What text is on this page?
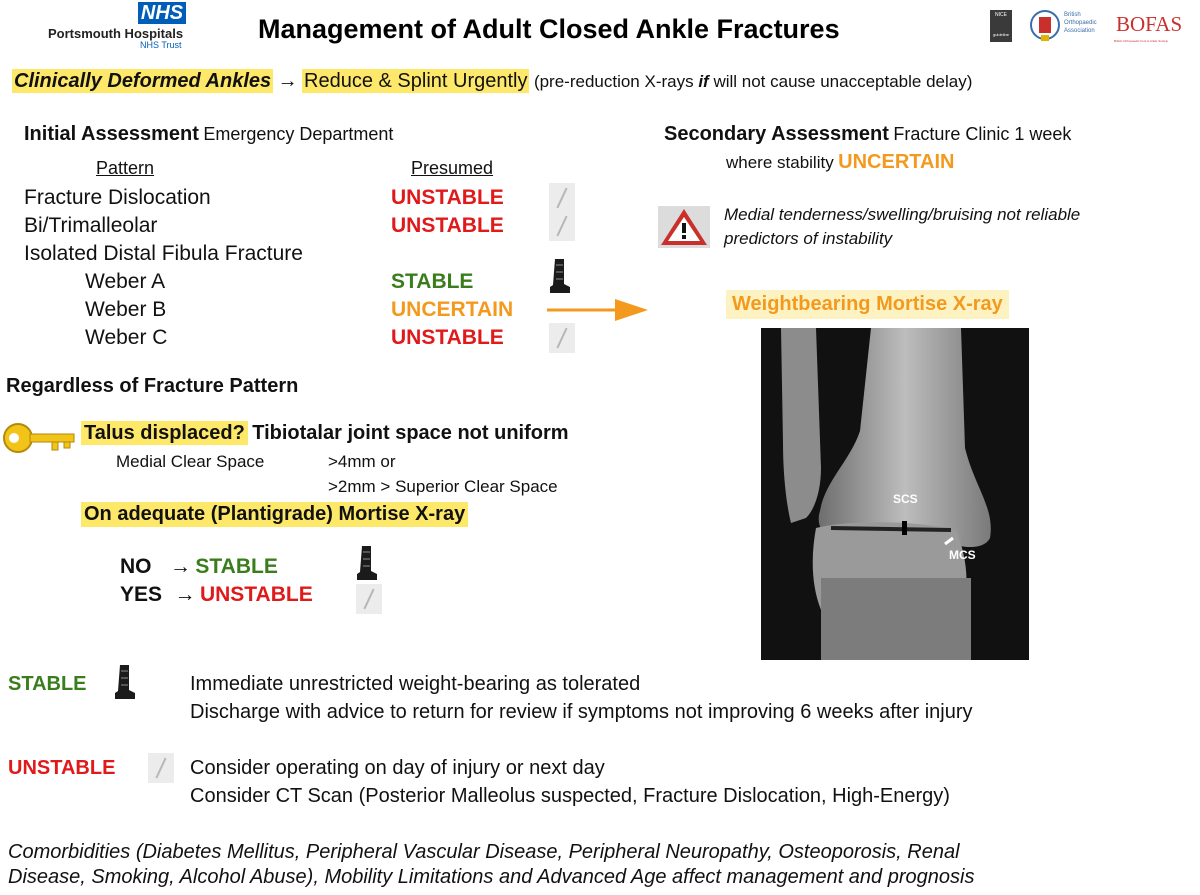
NHS
Portsmouth Hospitals
NHS Trust
Management of Adult Closed Ankle Fractures	NICE
guideline
British
Orthopaedic
Association BOFAS
British Orthopaedic Foot & Ankle Society
Clinically Deformed Ankles → Reduce & Splint Urgently (pre-reduction X-rays if will not cause unacceptable delay)
Initial Assessment Emergency Department
Pattern	Presumed
Fracture Dislocation	UNSTABLE
Bi/Trimalleolar	UNSTABLE
Isolated Distal Fibula Fracture
Weber A	STABLE
Weber B	UNCERTAIN
Weber C	UNSTABLE
Secondary Assessment Fracture Clinic 1 week
where stability UNCERTAIN
Medial tenderness/swelling/bruising not reliable
predictors of instability
Weightbearing Mortise X-ray
SCS
MCS
Regardless of Fracture Pattern
Talus displaced? Tibiotalar joint space not uniform
Medial Clear Space	>4mm or
>2mm > Superior Clear Space
On adequate (Plantigrade) Mortise X-ray
NO → STABLE
YES → UNSTABLE
STABLE	Immediate unrestricted weight-bearing as tolerated
Discharge with advice to return for review if symptoms not improving 6 weeks after injury
UNSTABLE	Consider operating on day of injury or next day
Consider CT Scan (Posterior Malleolus suspected, Fracture Dislocation, High-Energy)
Comorbidities (Diabetes Mellitus, Peripheral Vascular Disease, Peripheral Neuropathy, Osteoporosis, Renal
Disease, Smoking, Alcohol Abuse), Mobility Limitations and Advanced Age affect management and prognosis
